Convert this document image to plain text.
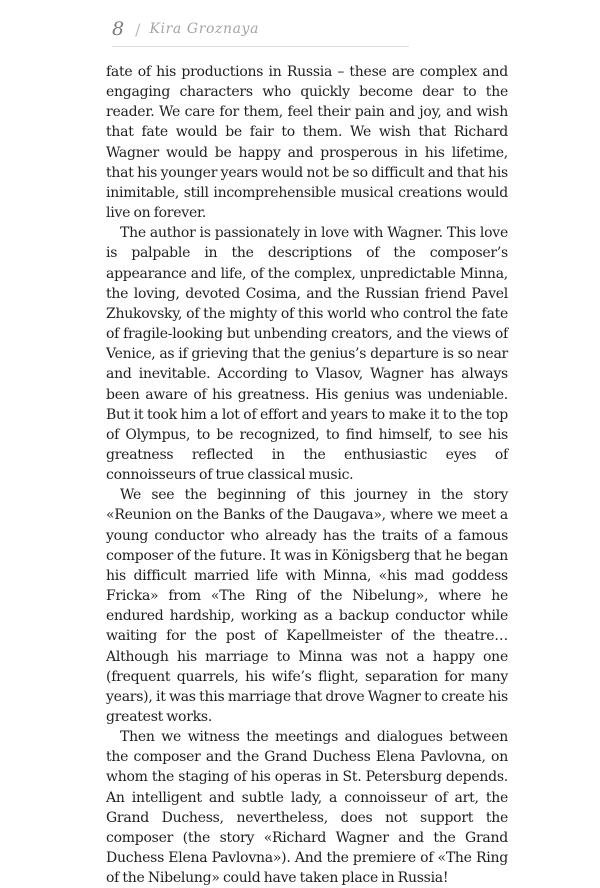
8 / Kira Groznaya

fate of his productions in Russia – these are complex and engaging characters who quickly become dear to the reader. We care for them, feel their pain and joy, and wish that fate would be fair to them. We wish that Richard Wagner would be happy and prosperous in his lifetime, that his younger years would not be so difficult and that his inimitable, still incomprehensible musical creations would live on forever.

The author is passionately in love with Wagner. This love is palpable in the descriptions of the composer’s appearance and life, of the complex, unpredictable Minna, the loving, devoted Cosima, and the Russian friend Pavel Zhukovsky, of the mighty of this world who control the fate of fragile-looking but unbending creators, and the views of Venice, as if grieving that the genius’s departure is so near and inevitable. According to Vlasov, Wagner has always been aware of his greatness. His genius was undeniable. But it took him a lot of effort and years to make it to the top of Olympus, to be recognized, to find himself, to see his greatness reflected in the enthusiastic eyes of connoisseurs of true classical music.

We see the beginning of this journey in the story «Reunion on the Banks of the Daugava», where we meet a young conductor who already has the traits of a famous composer of the future. It was in Königsberg that he began his difficult married life with Minna, «his mad goddess Fricka» from «The Ring of the Nibelung», where he endured hardship, working as a backup conductor while waiting for the post of Kapellmeister of the theatre… Although his marriage to Minna was not a happy one (frequent quarrels, his wife’s flight, separation for many years), it was this marriage that drove Wagner to create his greatest works.

Then we witness the meetings and dialogues between the composer and the Grand Duchess Elena Pavlovna, on whom the staging of his operas in St. Petersburg depends. An intelligent and subtle lady, a connoisseur of art, the Grand Duchess, nevertheless, does not support the composer (the story «Richard Wagner and the Grand Duchess Elena Pavlovna»). And the premiere of «The Ring of the Nibelung» could have taken place in Russia!
